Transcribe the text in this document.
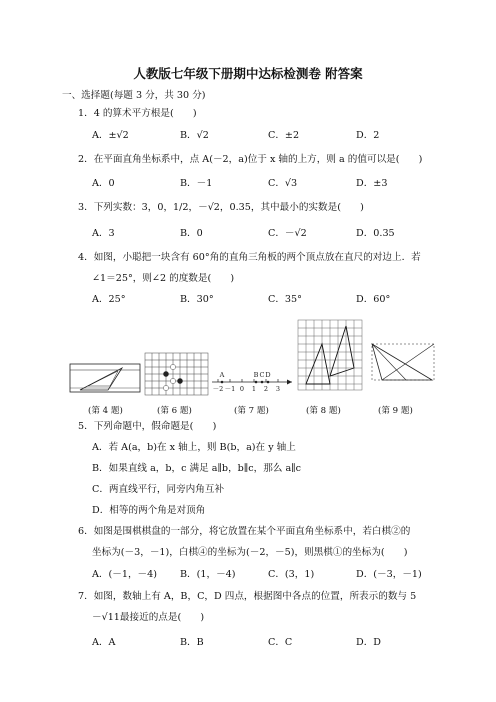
人教版七年级下册期中达标检测卷 附答案
一、选择题(每题 3 分，共 30 分)
1．4 的算术平方根是(　　)
A．±√2	B．√2	C．±2	D．2
2．在平面直角坐标系中，点 A(－2，a)位于 x 轴的上方，则 a 的值可以是(　　)
A．0	B．－1	C．√3	D．±3
3．下列实数：3，0，1/2，－√2，0.35，其中最小的实数是(　　)
A．3	B．0	C．－√2	D．0.35
4．如图，小聪把一块含有 60°角的直角三角板的两个顶点放在直尺的对边上．若
∠1＝25°，则∠2 的度数是(　　)
A．25°	B．30°	C．35°	D．60°
－2 －1 0 1 2 3
A	B C D
(第 4 题)	(第 6 题)	(第 7 题)	(第 8 题)	(第 9 题)
5．下列命题中，假命题是(　　)
A．若 A(a，b)在 x 轴上，则 B(b，a)在 y 轴上
B．如果直线 a，b，c 满足 a∥b，b∥c，那么 a∥c
C．两直线平行，同旁内角互补
D．相等的两个角是对顶角
6．如图是围棋棋盘的一部分，将它放置在某个平面直角坐标系中，若白棋②的
坐标为(－3，－1)，白棋④的坐标为(－2，－5)，则黑棋①的坐标为(　　)
A．(－1，－4) B．(1，－4)	C．(3，1)	D．(－3，－1)
7．如图，数轴上有 A，B，C，D 四点，根据图中各点的位置，所表示的数与 5
－√11最接近的点是(　　)
A．A	B．B	C．C	D．D
